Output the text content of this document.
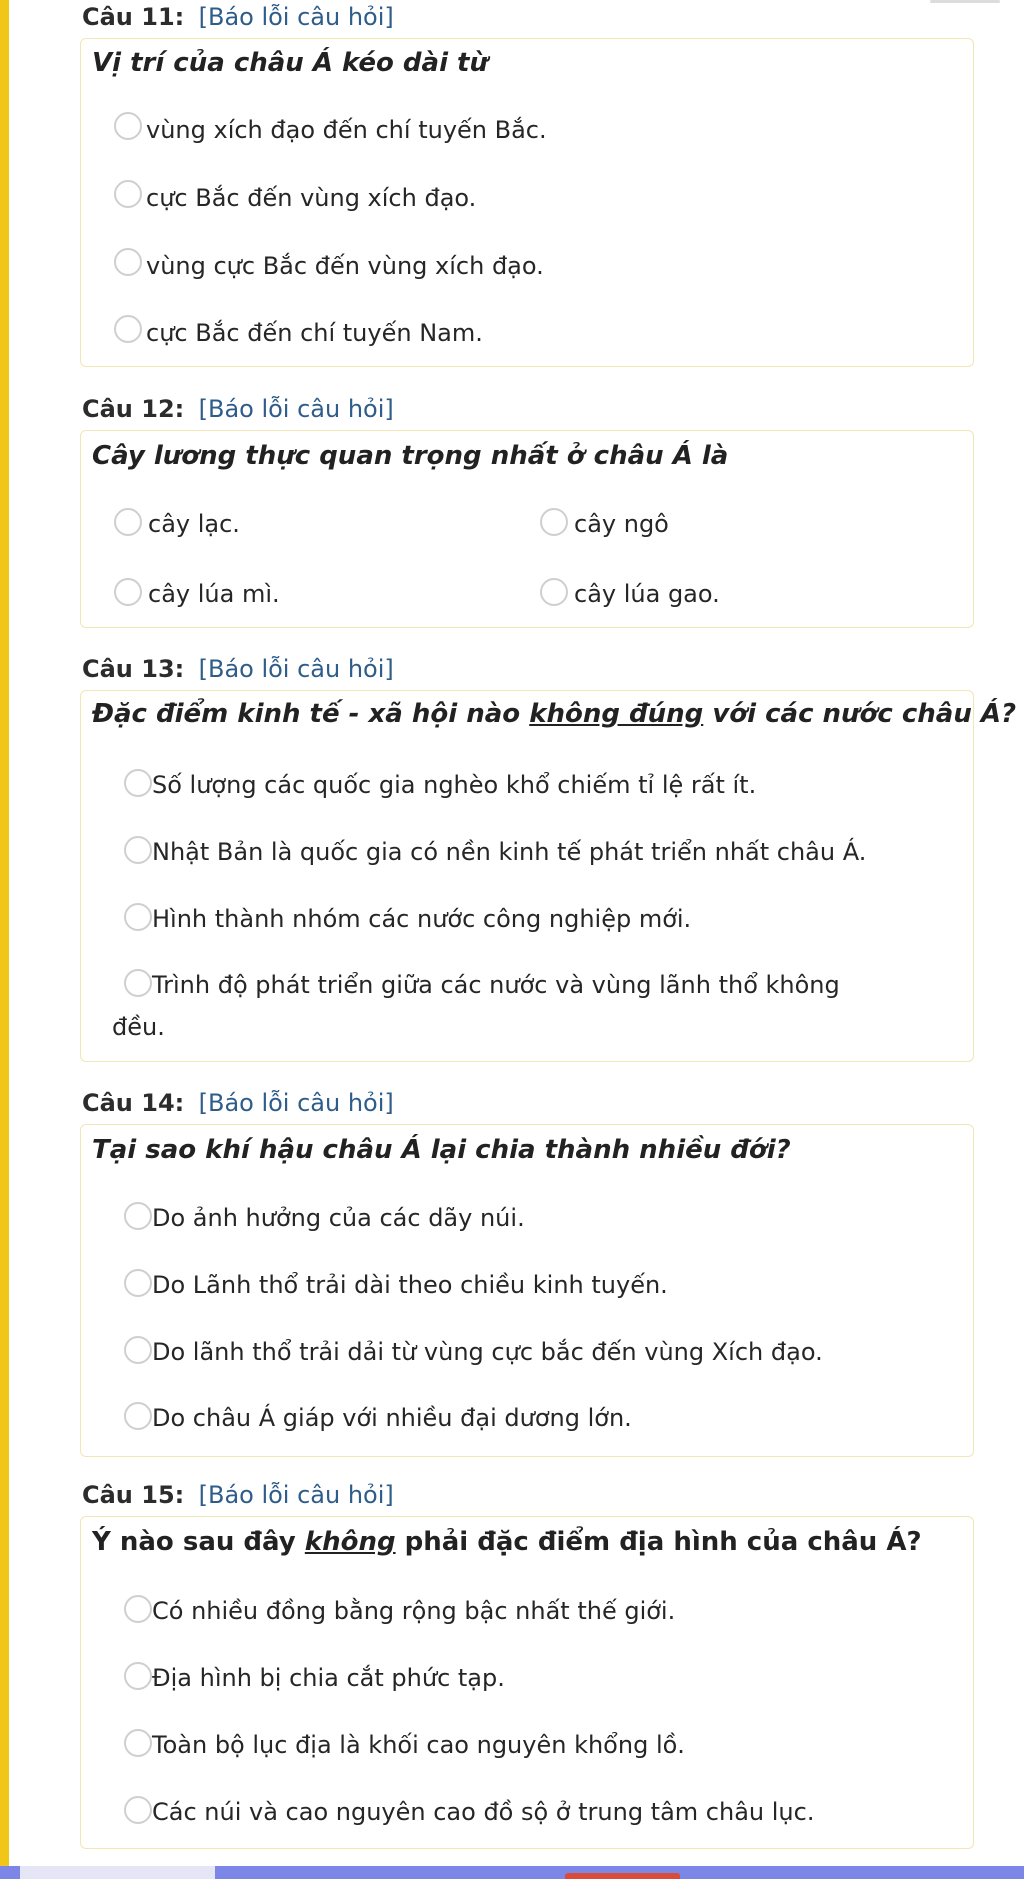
Câu 11: [Báo lỗi câu hỏi]
Vị trí của châu Á kéo dài từ
vùng xích đạo đến chí tuyến Bắc.
cực Bắc đến vùng xích đạo.
vùng cực Bắc đến vùng xích đạo.
cực Bắc đến chí tuyến Nam.
Câu 12: [Báo lỗi câu hỏi]
Cây lương thực quan trọng nhất ở châu Á là
cây lạc.	cây ngô
cây lúa mì.	cây lúa gao.
Câu 13: [Báo lỗi câu hỏi]
Đặc điểm kinh tế - xã hội nào không đúng với các nước châu Á?
Số lượng các quốc gia nghèo khổ chiếm tỉ lệ rất ít.
Nhật Bản là quốc gia có nền kinh tế phát triển nhất châu Á.
Hình thành nhóm các nước công nghiệp mới.
Trình độ phát triển giữa các nước và vùng lãnh thổ không
đều.
Câu 14: [Báo lỗi câu hỏi]
Tại sao khí hậu châu Á lại chia thành nhiều đới?
Do ảnh hưởng của các dãy núi.
Do Lãnh thổ trải dài theo chiều kinh tuyến.
Do lãnh thổ trải dải từ vùng cực bắc đến vùng Xích đạo.
Do châu Á giáp với nhiều đại dương lớn.
Câu 15: [Báo lỗi câu hỏi]
Ý nào sau đây không phải đặc điểm địa hình của châu Á?
Có nhiều đồng bằng rộng bậc nhất thế giới.
Địa hình bị chia cắt phức tạp.
Toàn bộ lục địa là khối cao nguyên khổng lồ.
Các núi và cao nguyên cao đồ sộ ở trung tâm châu lục.
